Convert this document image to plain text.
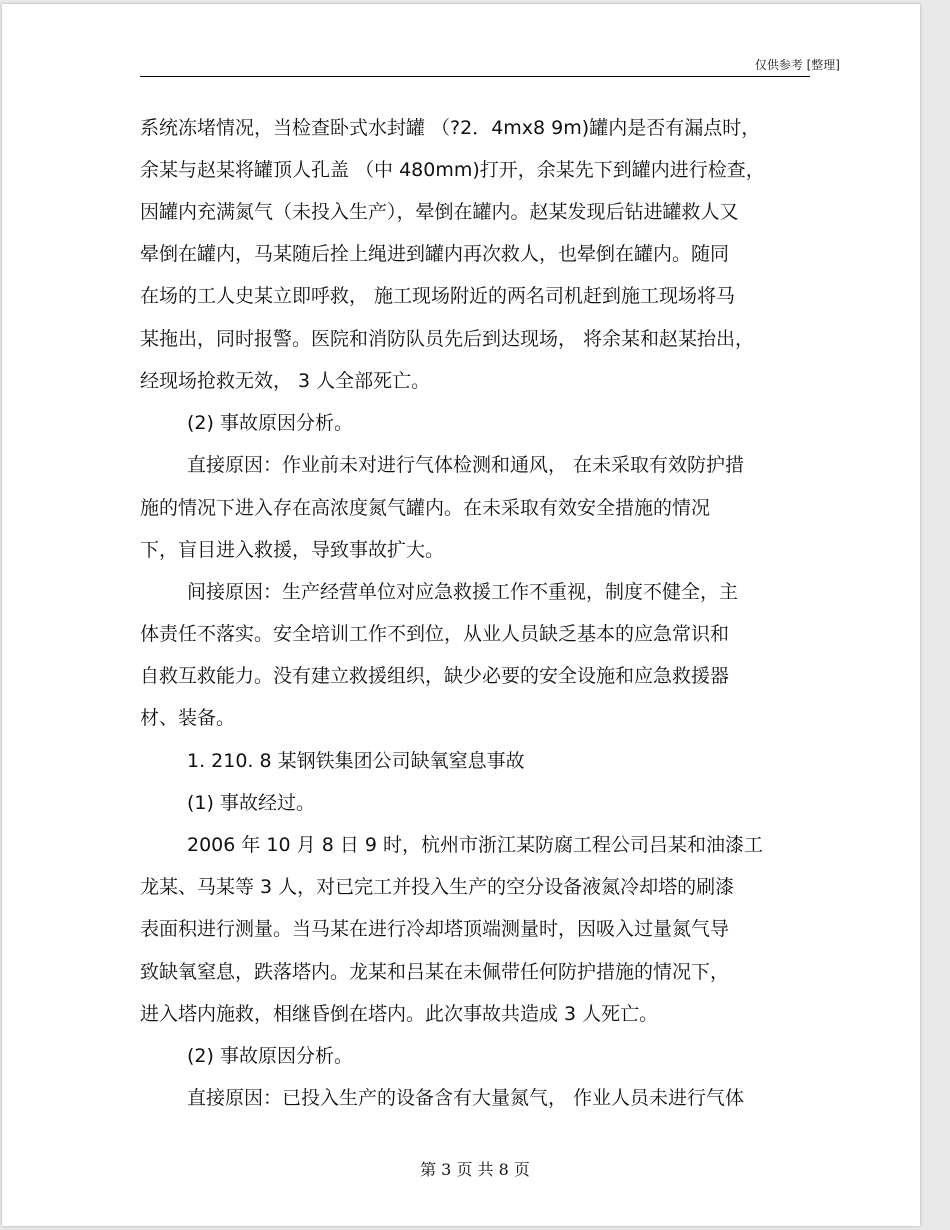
仅供参考 [整理]
系统冻堵情况，当检查卧式水封罐 （?2．4mx8 9m)罐内是否有漏点时，
余某与赵某将罐顶人孔盖 （中 480mm)打开，余某先下到罐内进行检查，
因罐内充满氮气（未投入生产），晕倒在罐内。赵某发现后钻进罐救人又
晕倒在罐内，马某随后拴上绳进到罐内再次救人，也晕倒在罐内。随同
在场的工人史某立即呼救， 施工现场附近的两名司机赶到施工现场将马
某拖出，同时报警。医院和消防队员先后到达现场， 将余某和赵某抬出，
经现场抢救无效， 3 人全部死亡。
(2) 事故原因分析。
直接原因：作业前未对进行气体检测和通风， 在未采取有效防护措
施的情况下进入存在高浓度氮气罐内。在未采取有效安全措施的情况
下，盲目进入救援，导致事故扩大。
间接原因：生产经营单位对应急救援工作不重视，制度不健全，主
体责任不落实。安全培训工作不到位，从业人员缺乏基本的应急常识和
自救互救能力。没有建立救援组织，缺少必要的安全设施和应急救援器
材、装备。
1. 210. 8 某钢铁集团公司缺氧窒息事故
(1) 事故经过。
2006 年 10 月 8 日 9 时，杭州市浙江某防腐工程公司吕某和油漆工
龙某、马某等 3 人，对已完工并投入生产的空分设备液氮冷却塔的刷漆
表面积进行测量。当马某在进行冷却塔顶端测量时，因吸入过量氮气导
致缺氧窒息，跌落塔内。龙某和吕某在未佩带任何防护措施的情况下，
进入塔内施救，相继昏倒在塔内。此次事故共造成 3 人死亡。
(2) 事故原因分析。
直接原因：已投入生产的设备含有大量氮气， 作业人员未进行气体
第 3 页 共 8 页
